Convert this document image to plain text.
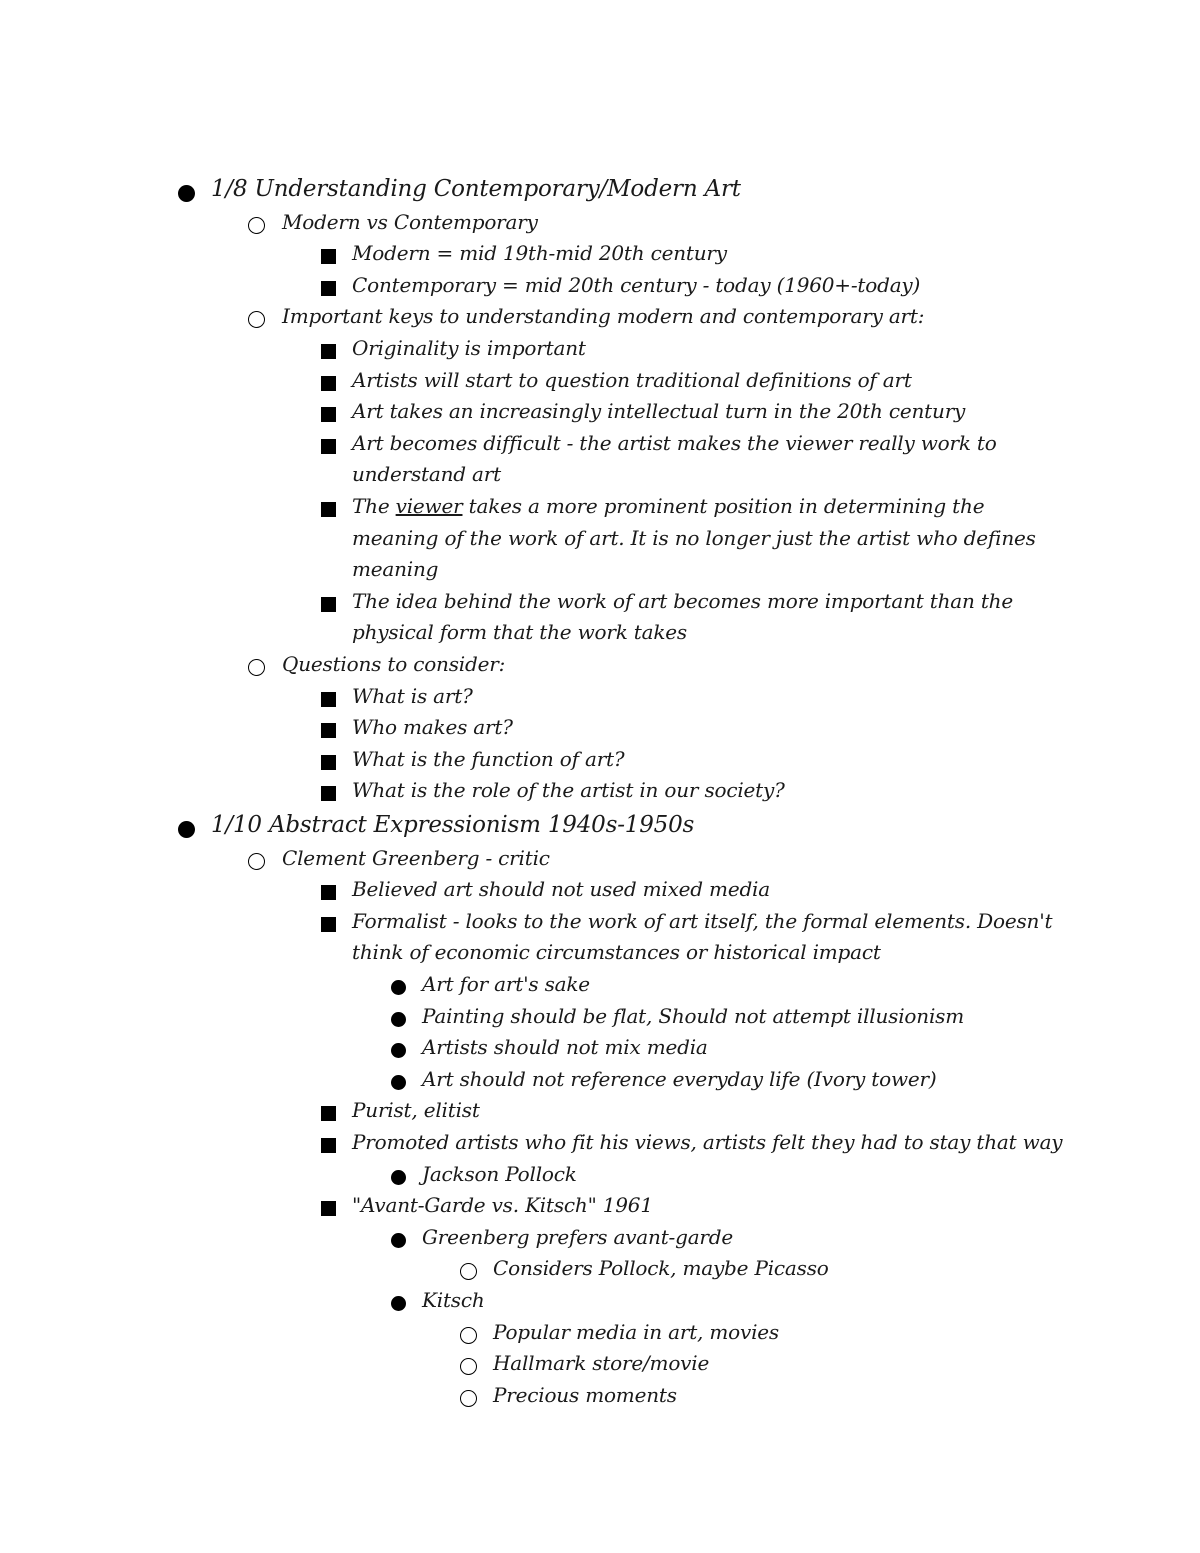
1/8 Understanding Contemporary/Modern Art
Modern vs Contemporary
Modern = mid 19th-mid 20th century
Contemporary = mid 20th century - today (1960+-today)
Important keys to understanding modern and contemporary art:
Originality is important
Artists will start to question traditional definitions of art
Art takes an increasingly intellectual turn in the 20th century
Art becomes difficult - the artist makes the viewer really work to
understand art
The viewer takes a more prominent position in determining the
meaning of the work of art. It is no longer just the artist who defines
meaning
The idea behind the work of art becomes more important than the
physical form that the work takes
Questions to consider:
What is art?
Who makes art?
What is the function of art?
What is the role of the artist in our society?
1/10 Abstract Expressionism 1940s-1950s
Clement Greenberg - critic
Believed art should not used mixed media
Formalist - looks to the work of art itself, the formal elements. Doesn't
think of economic circumstances or historical impact
Art for art's sake
Painting should be flat, Should not attempt illusionism
Artists should not mix media
Art should not reference everyday life (Ivory tower)
Purist, elitist
Promoted artists who fit his views, artists felt they had to stay that way
Jackson Pollock
"Avant-Garde vs. Kitsch" 1961
Greenberg prefers avant-garde
Considers Pollock, maybe Picasso
Kitsch
Popular media in art, movies
Hallmark store/movie
Precious moments
